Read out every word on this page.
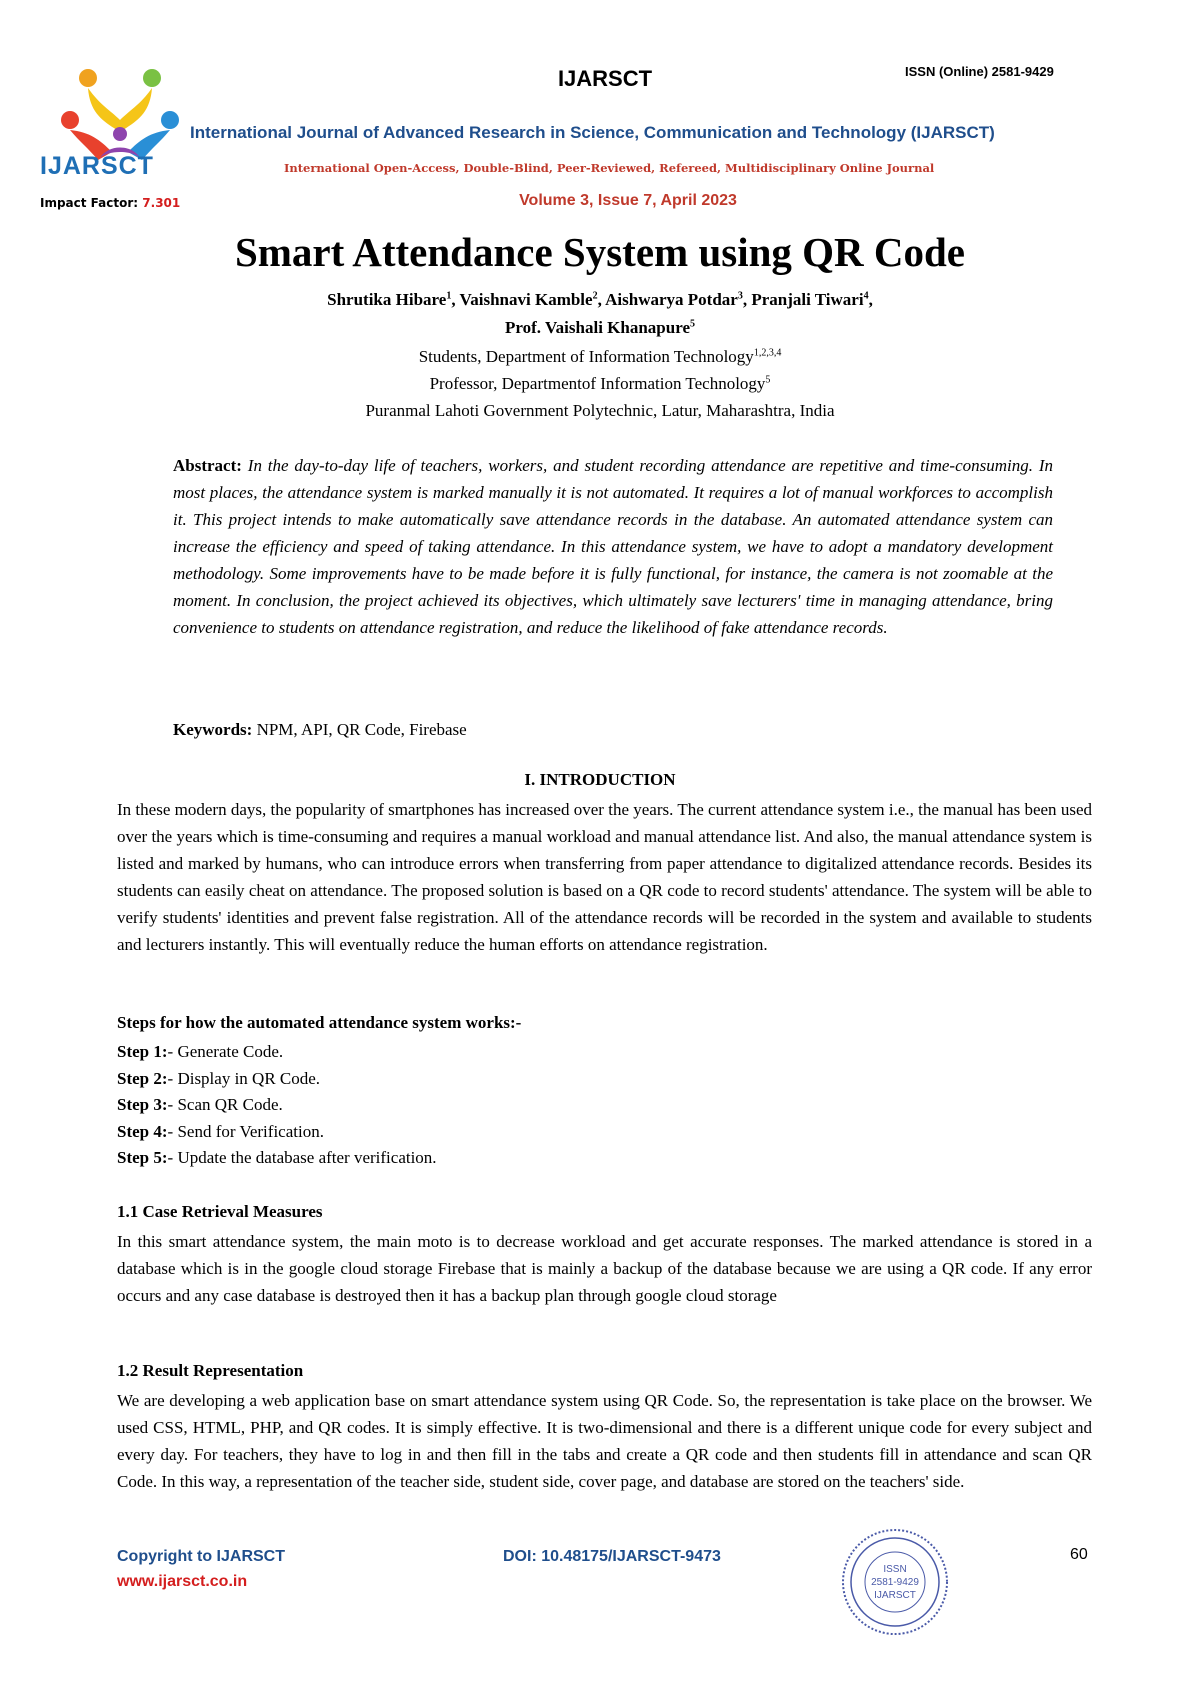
IJARSCT
Impact Factor: 7.301
IJARSCT	ISSN (Online) 2581-9429
International Journal of Advanced Research in Science, Communication and Technology (IJARSCT)
International Open-Access, Double-Blind, Peer-Reviewed, Refereed, Multidisciplinary Online Journal
Volume 3, Issue 7, April 2023
Smart Attendance System using QR Code
Shrutika Hibare$^1$, Vaishnavi Kamble$^2$, Aishwarya Potdar$^3$, Pranjali Tiwari$^4$,
Prof. Vaishali Khanapure$^5$
Students, Department of Information Technology$^{1,2,3,4}$
Professor, Departmentof Information Technology$^5$
Puranmal Lahoti Government Polytechnic, Latur, Maharashtra, India
Abstract: In the day-to-day life of teachers, workers, and student recording attendance are repetitive and time-consuming. In most places, the attendance system is marked manually it is not automated. It requires a lot of manual workforces to accomplish it. This project intends to make automatically save attendance records in the database. An automated attendance system can increase the efficiency and speed of taking attendance. In this attendance system, we have to adopt a mandatory development methodology. Some improvements have to be made before it is fully functional, for instance, the camera is not zoomable at the moment. In conclusion, the project achieved its objectives, which ultimately save lecturers' time in managing attendance, bring convenience to students on attendance registration, and reduce the likelihood of fake attendance records.
Keywords: NPM, API, QR Code, Firebase
I. INTRODUCTION
In these modern days, the popularity of smartphones has increased over the years. The current attendance system i.e., the manual has been used over the years which is time-consuming and requires a manual workload and manual attendance list. And also, the manual attendance system is listed and marked by humans, who can introduce errors when transferring from paper attendance to digitalized attendance records. Besides its students can easily cheat on attendance. The proposed solution is based on a QR code to record students' attendance. The system will be able to verify students' identities and prevent false registration. All of the attendance records will be recorded in the system and available to students and lecturers instantly. This will eventually reduce the human efforts on attendance registration.
Steps for how the automated attendance system works:-
Step 1:- Generate Code.
Step 2:- Display in QR Code.
Step 3:- Scan QR Code.
Step 4:- Send for Verification.
Step 5:- Update the database after verification.
1.1 Case Retrieval Measures
In this smart attendance system, the main moto is to decrease workload and get accurate responses. The marked attendance is stored in a database which is in the google cloud storage Firebase that is mainly a backup of the database because we are using a QR code. If any error occurs and any case database is destroyed then it has a backup plan through google cloud storage
1.2 Result Representation
We are developing a web application base on smart attendance system using QR Code. So, the representation is take place on the browser. We used CSS, HTML, PHP, and QR codes. It is simply effective. It is two-dimensional and there is a different unique code for every subject and every day. For teachers, they have to log in and then fill in the tabs and create a QR code and then students fill in attendance and scan QR Code. In this way, a representation of the teacher side, student side, cover page, and database are stored on the teachers' side.
Copyright to IJARSCT
www.ijarsct.co.in
DOI: 10.48175/IJARSCT-9473	60
ISSN
2581-9429
IJARSCT
